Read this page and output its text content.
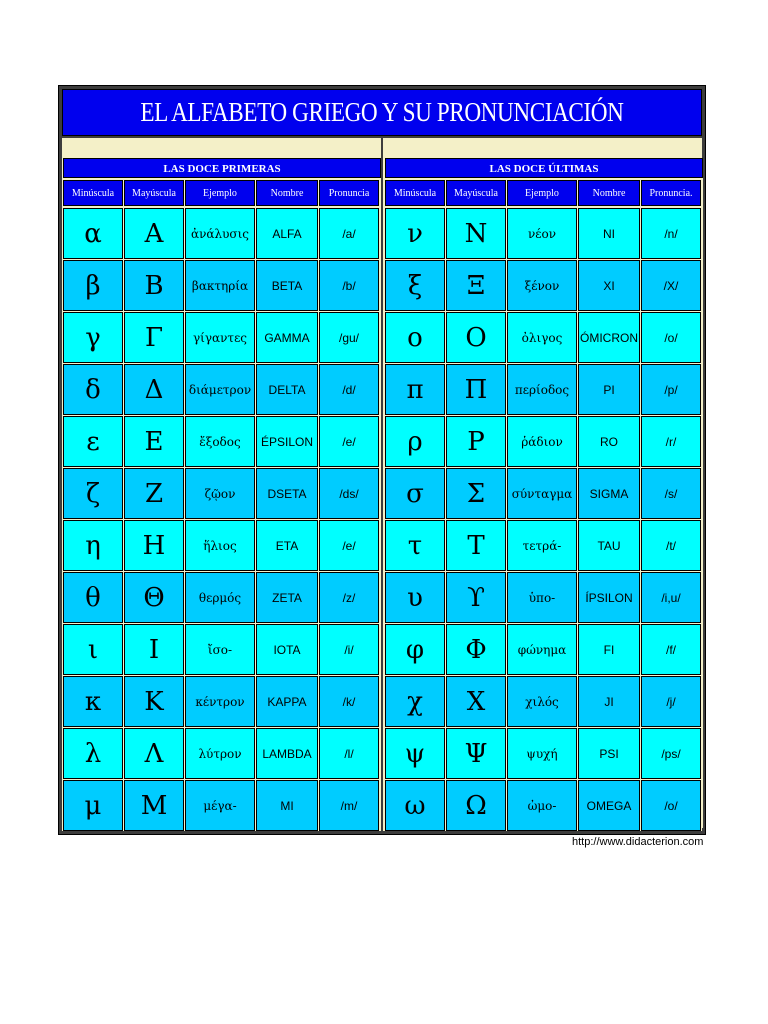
EL ALFABETO GRIEGO Y SU PRONUNCIACIÓN
LAS DOCE PRIMERAS
Minúscula	Mayúscula	Ejemplo	Nombre	Pronuncia
α	Α	ἀνάλυσις	ALFA	/a/
β	Β	βακτηρία	BETA	/b/
γ	Γ	γίγαντες	GAMMA	/gu/
δ	Δ	διάμετρον	DELTA	/d/
ε	Ε	ἔξοδος	ÉPSILON	/e/
ζ	Ζ	ζῷον	DSETA	/ds/
η	Η	ἥλιος	ETA	/e/
θ	Θ	θερμός	ZETA	/z/
ι	Ι	ἴσο-	IOTA	/i/
κ	Κ	κέντρον	KAPPA	/k/
λ	Λ	λύτρον	LAMBDA	/l/
μ	Μ	μέγα-	MI	/m/
LAS DOCE ÚLTIMAS
Minúscula	Mayúscula	Ejemplo	Nombre	Pronuncia.
ν	Ν	νέον	NI	/n/
ξ	Ξ	ξένον	XI	/X/
ο	Ο	ὀλιγος	ÓMICRON	/o/
π	Π	περίοδος	PI	/p/
ρ	Ρ	ῥάδιον	RO	/r/
σ	Σ	σύνταγμα	SIGMA	/s/
τ	Τ	τετρά-	TAU	/t/
υ	ϒ	ὑπο-	ÍPSILON	/i,u/
φ	Φ	φώνημα	FI	/f/
χ	Χ	χιλός	JI	/j/
ψ	Ψ	ψυχή	PSI	/ps/
ω	Ω	ὠμο-	OMEGA	/o/
http://www.didacterion.com
